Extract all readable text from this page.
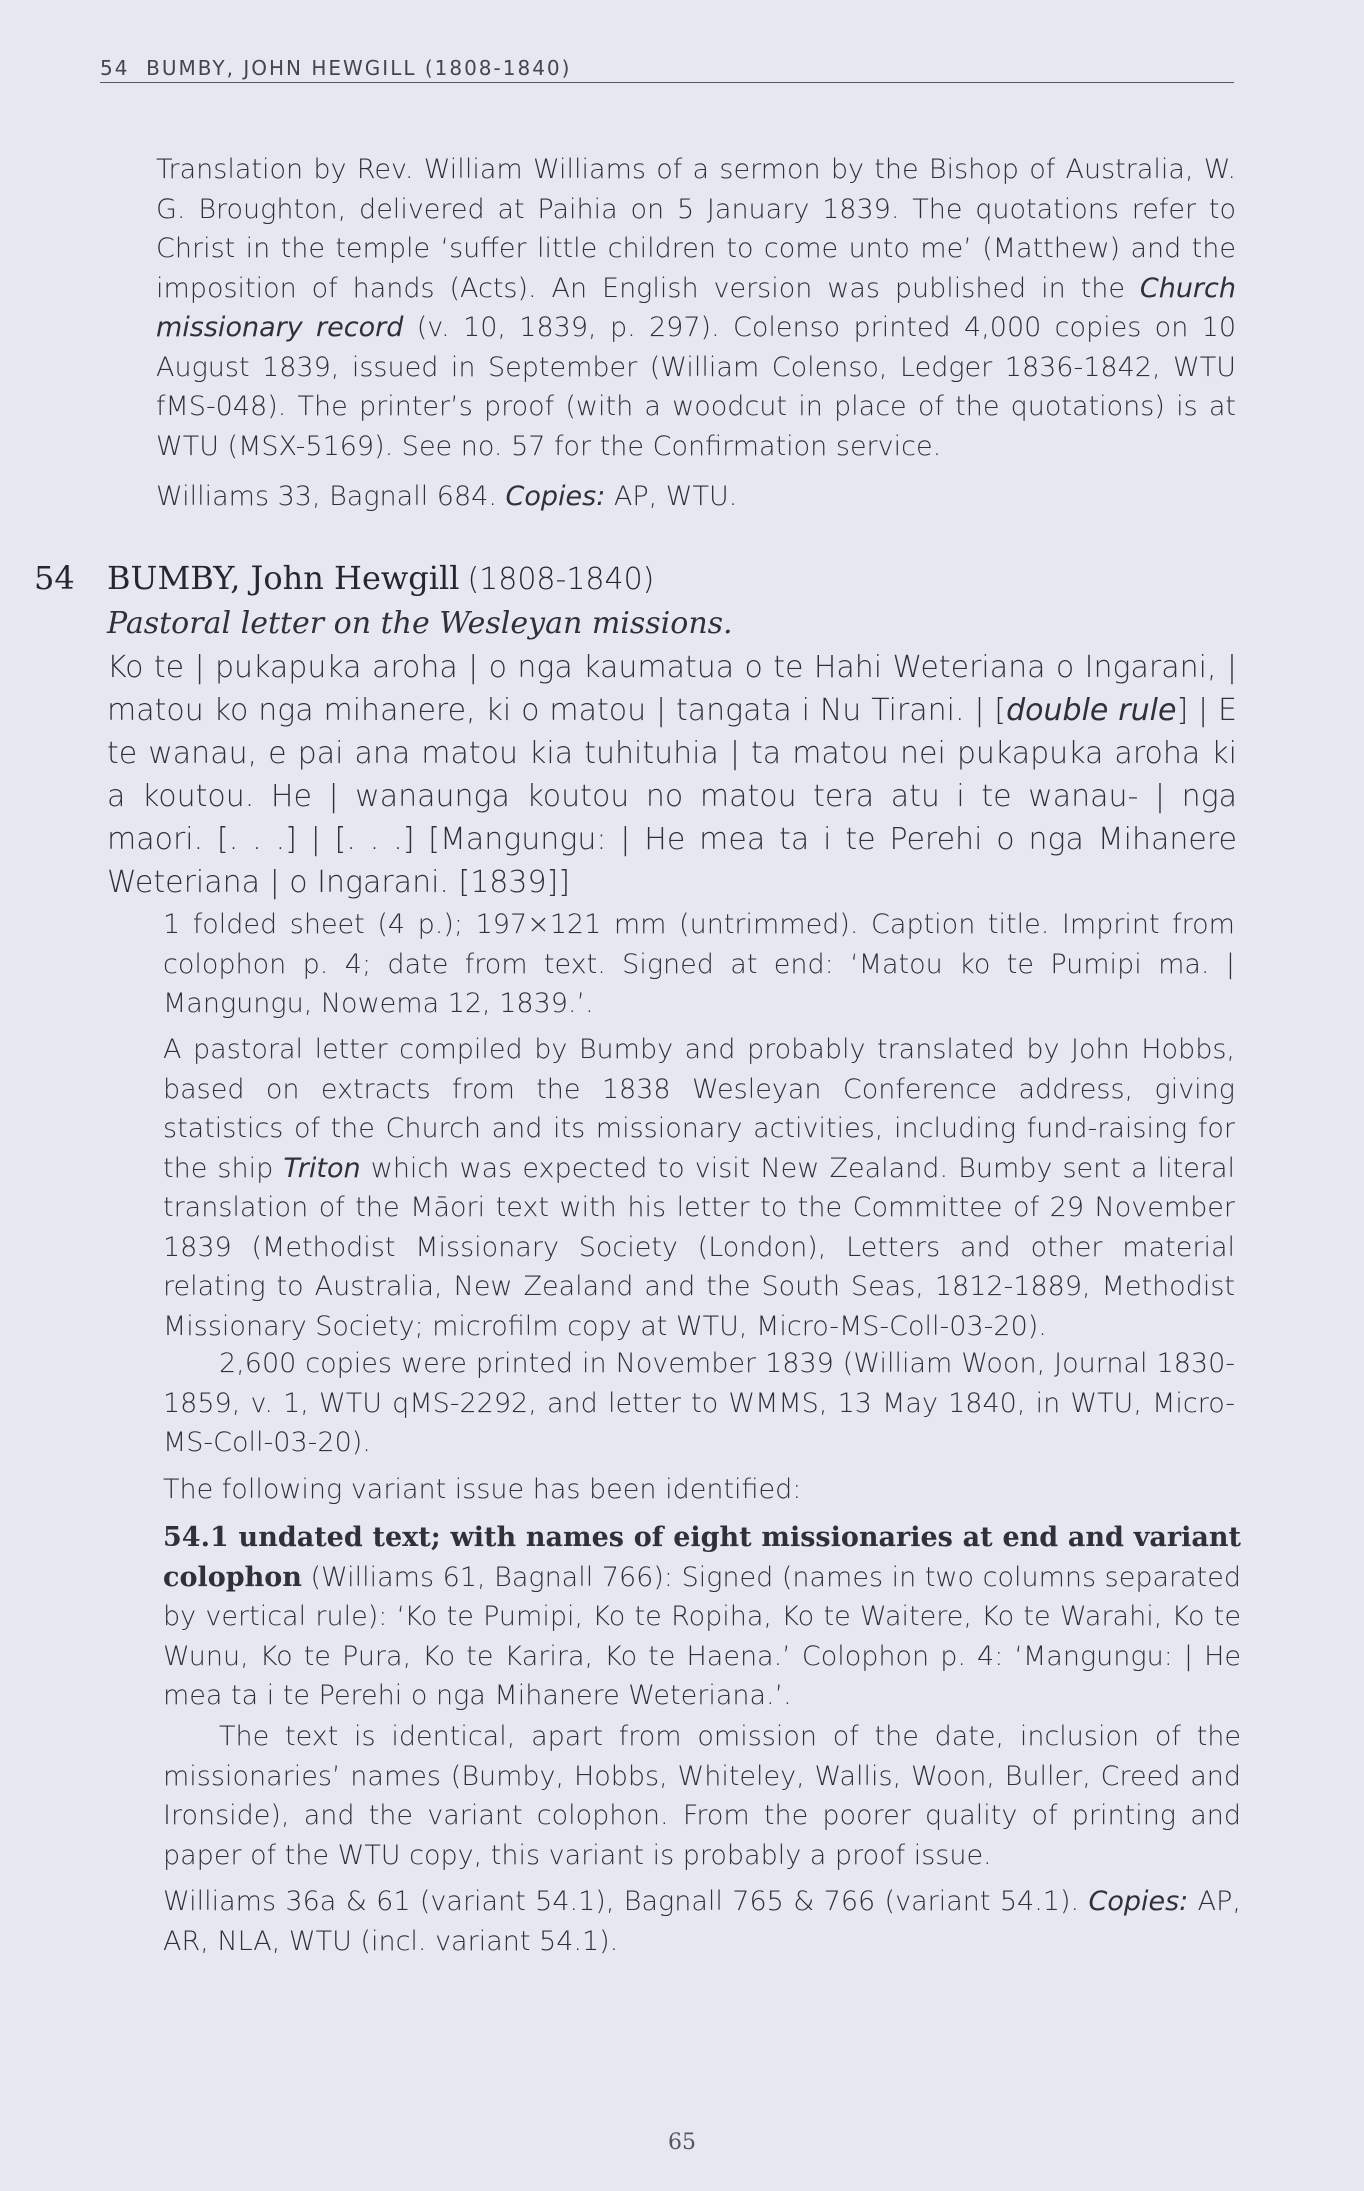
54 BUMBY, JOHN HEWGILL (1808-1840)

Translation by Rev. William Williams of a sermon by the Bishop of Australia, W. G. Broughton, delivered at Paihia on 5 January 1839. The quotations refer to Christ in the temple ‘suffer little children to come unto me’ (Matthew) and the imposition of hands (Acts). An English version was published in the Church missionary record (v. 10, 1839, p. 297). Colenso printed 4,000 copies on 10 August 1839, issued in September (William Colenso, Ledger 1836-1842, WTU fMS-048). The printer’s proof (with a woodcut in place of the quotations) is at WTU (MSX-5169). See no. 57 for the Confirmation service.

Williams 33, Bagnall 684. Copies: AP, WTU.

54 BUMBY, John Hewgill (1808-1840)
Pastoral letter on the Wesleyan missions.

Ko te | pukapuka aroha | o nga kaumatua o te Hahi Weteriana o Ingarani, | matou ko nga mihanere, ki o matou | tangata i Nu Tirani. | [double rule] | E te wanau, e pai ana matou kia tuhituhia | ta matou nei pukapuka aroha ki a koutou. He | wanaunga koutou no matou tera atu i te wanau- | nga maori. [. . .] | [. . .] [Mangungu: | He mea ta i te Perehi o nga Mihanere Weteriana | o Ingarani. [1839]]

1 folded sheet (4 p.); 197×121 mm (untrimmed). Caption title. Imprint from colophon p. 4; date from text. Signed at end: ‘Matou ko te Pumipi ma. | Mangungu, Nowema 12, 1839.’.

A pastoral letter compiled by Bumby and probably translated by John Hobbs, based on extracts from the 1838 Wesleyan Conference address, giving statistics of the Church and its missionary activities, including fund-raising for the ship Triton which was expected to visit New Zealand. Bumby sent a literal translation of the Māori text with his letter to the Committee of 29 November 1839 (Methodist Missionary Society (London), Letters and other material relating to Australia, New Zealand and the South Seas, 1812-1889, Methodist Missionary Society; microfilm copy at WTU, Micro-MS-Coll-03-20).

2,600 copies were printed in November 1839 (William Woon, Journal 1830-1859, v. 1, WTU qMS-2292, and letter to WMMS, 13 May 1840, in WTU, Micro-MS-Coll-03-20).

The following variant issue has been identified:

54.1 undated text; with names of eight missionaries at end and variant colophon (Williams 61, Bagnall 766): Signed (names in two columns separated by vertical rule): ‘Ko te Pumipi, Ko te Ropiha, Ko te Waitere, Ko te Warahi, Ko te Wunu, Ko te Pura, Ko te Karira, Ko te Haena.’ Colophon p. 4: ‘Mangungu: | He mea ta i te Perehi o nga Mihanere Weteriana.’.

The text is identical, apart from omission of the date, inclusion of the missionaries’ names (Bumby, Hobbs, Whiteley, Wallis, Woon, Buller, Creed and Ironside), and the variant colophon. From the poorer quality of printing and paper of the WTU copy, this variant is probably a proof issue.

Williams 36a & 61 (variant 54.1), Bagnall 765 & 766 (variant 54.1). Copies: AP, AR, NLA, WTU (incl. variant 54.1).

65
